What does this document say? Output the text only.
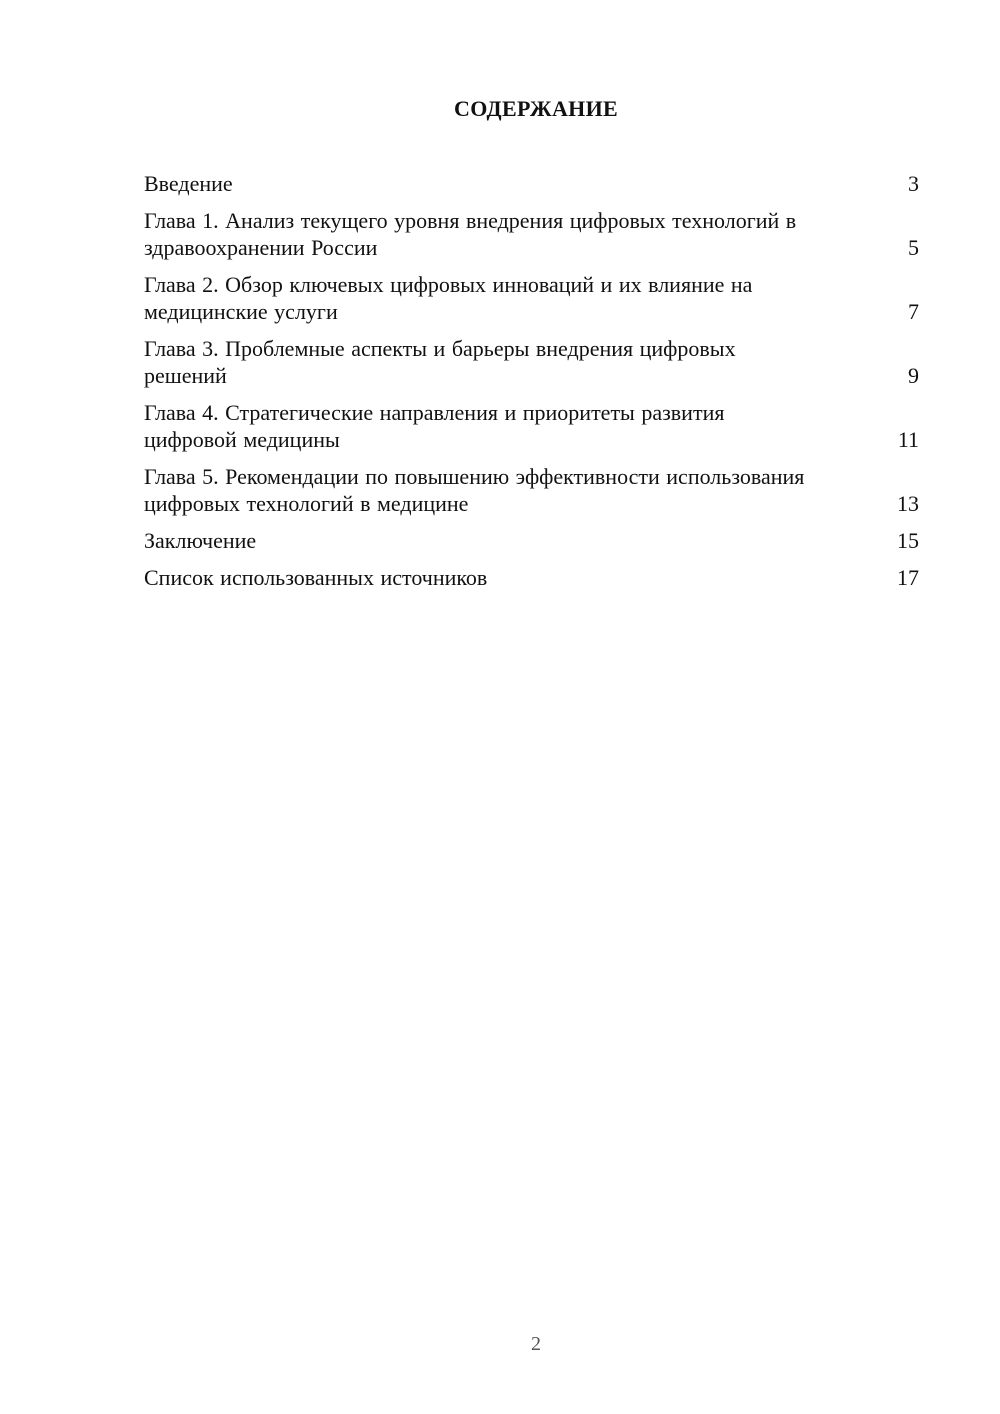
СОДЕРЖАНИЕ
Введение	3
Глава 1. Анализ текущего уровня внедрения цифровых технологий в здравоохранении России	5
Глава 2. Обзор ключевых цифровых инноваций и их влияние на медицинские услуги	7
Глава 3. Проблемные аспекты и барьеры внедрения цифровых решений	9
Глава 4. Стратегические направления и приоритеты развития цифровой медицины	11
Глава 5. Рекомендации по повышению эффективности использования цифровых технологий в медицине	13
Заключение	15
Список использованных источников	17
2
